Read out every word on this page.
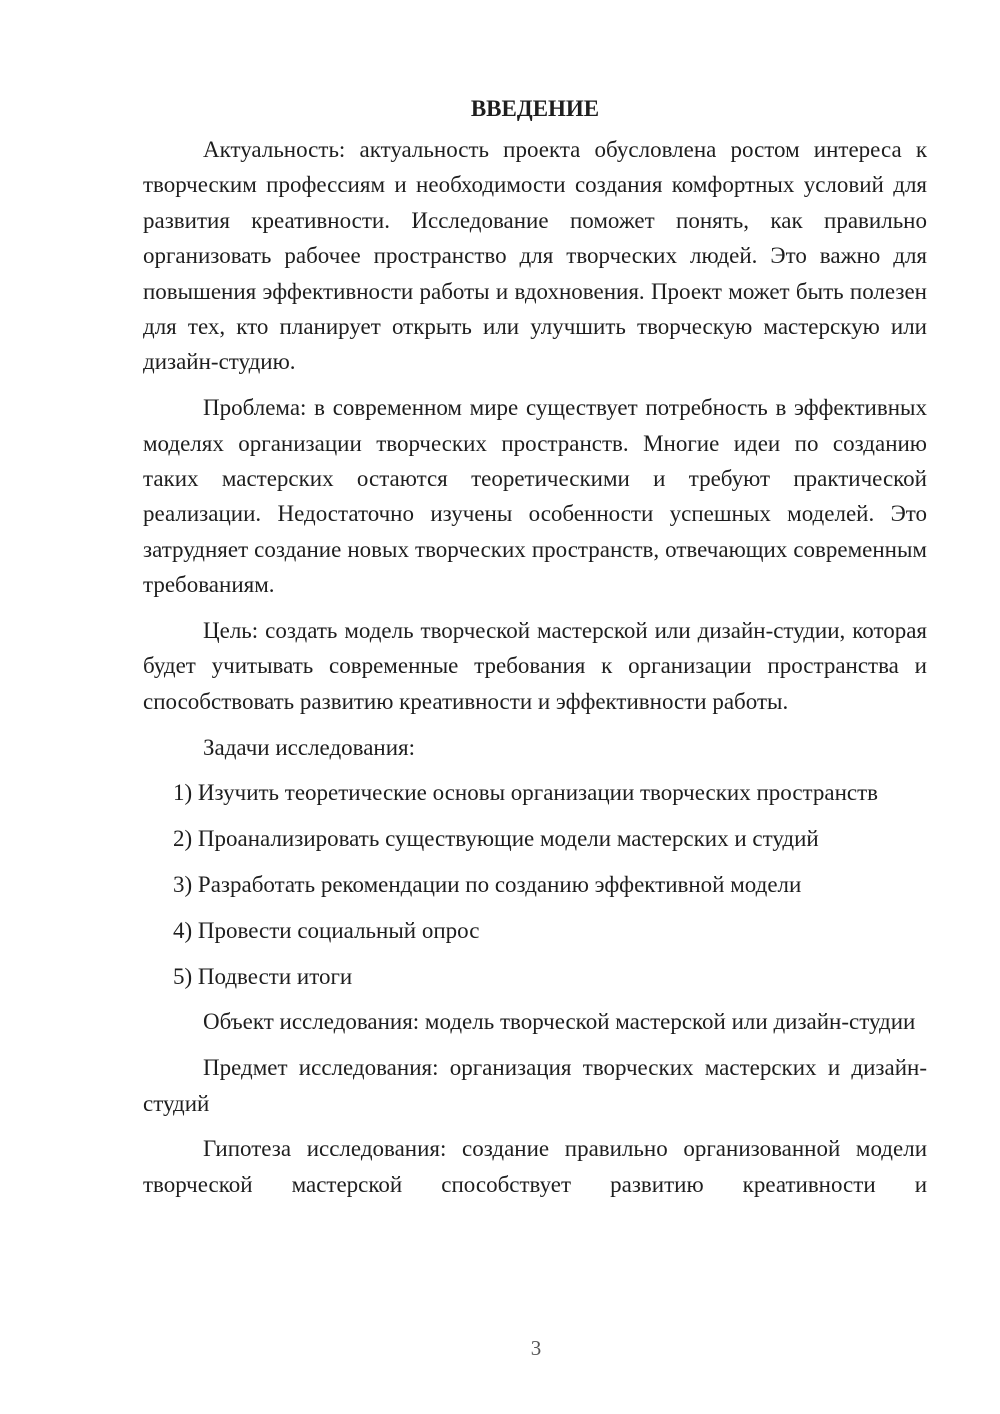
ВВЕДЕНИЕ

Актуальность: актуальность проекта обусловлена ростом интереса к творческим профессиям и необходимости создания комфортных условий для развития креативности. Исследование поможет понять, как правильно организовать рабочее пространство для творческих людей. Это важно для повышения эффективности работы и вдохновения. Проект может быть полезен для тех, кто планирует открыть или улучшить творческую мастерскую или дизайн-студию.

Проблема: в современном мире существует потребность в эффективных моделях организации творческих пространств. Многие идеи по созданию таких мастерских остаются теоретическими и требуют практической реализации. Недостаточно изучены особенности успешных моделей. Это затрудняет создание новых творческих пространств, отвечающих современным требованиям.

Цель: создать модель творческой мастерской или дизайн-студии, которая будет учитывать современные требования к организации пространства и способствовать развитию креативности и эффективности работы.

Задачи исследования:

1) Изучить теоретические основы организации творческих пространств

2) Проанализировать существующие модели мастерских и студий

3) Разработать рекомендации по созданию эффективной модели

4) Провести социальный опрос

5) Подвести итоги

Объект исследования: модель творческой мастерской или дизайн-студии

Предмет исследования: организация творческих мастерских и дизайн-студий

Гипотеза исследования: создание правильно организованной модели творческой мастерской способствует развитию креативности и

3
